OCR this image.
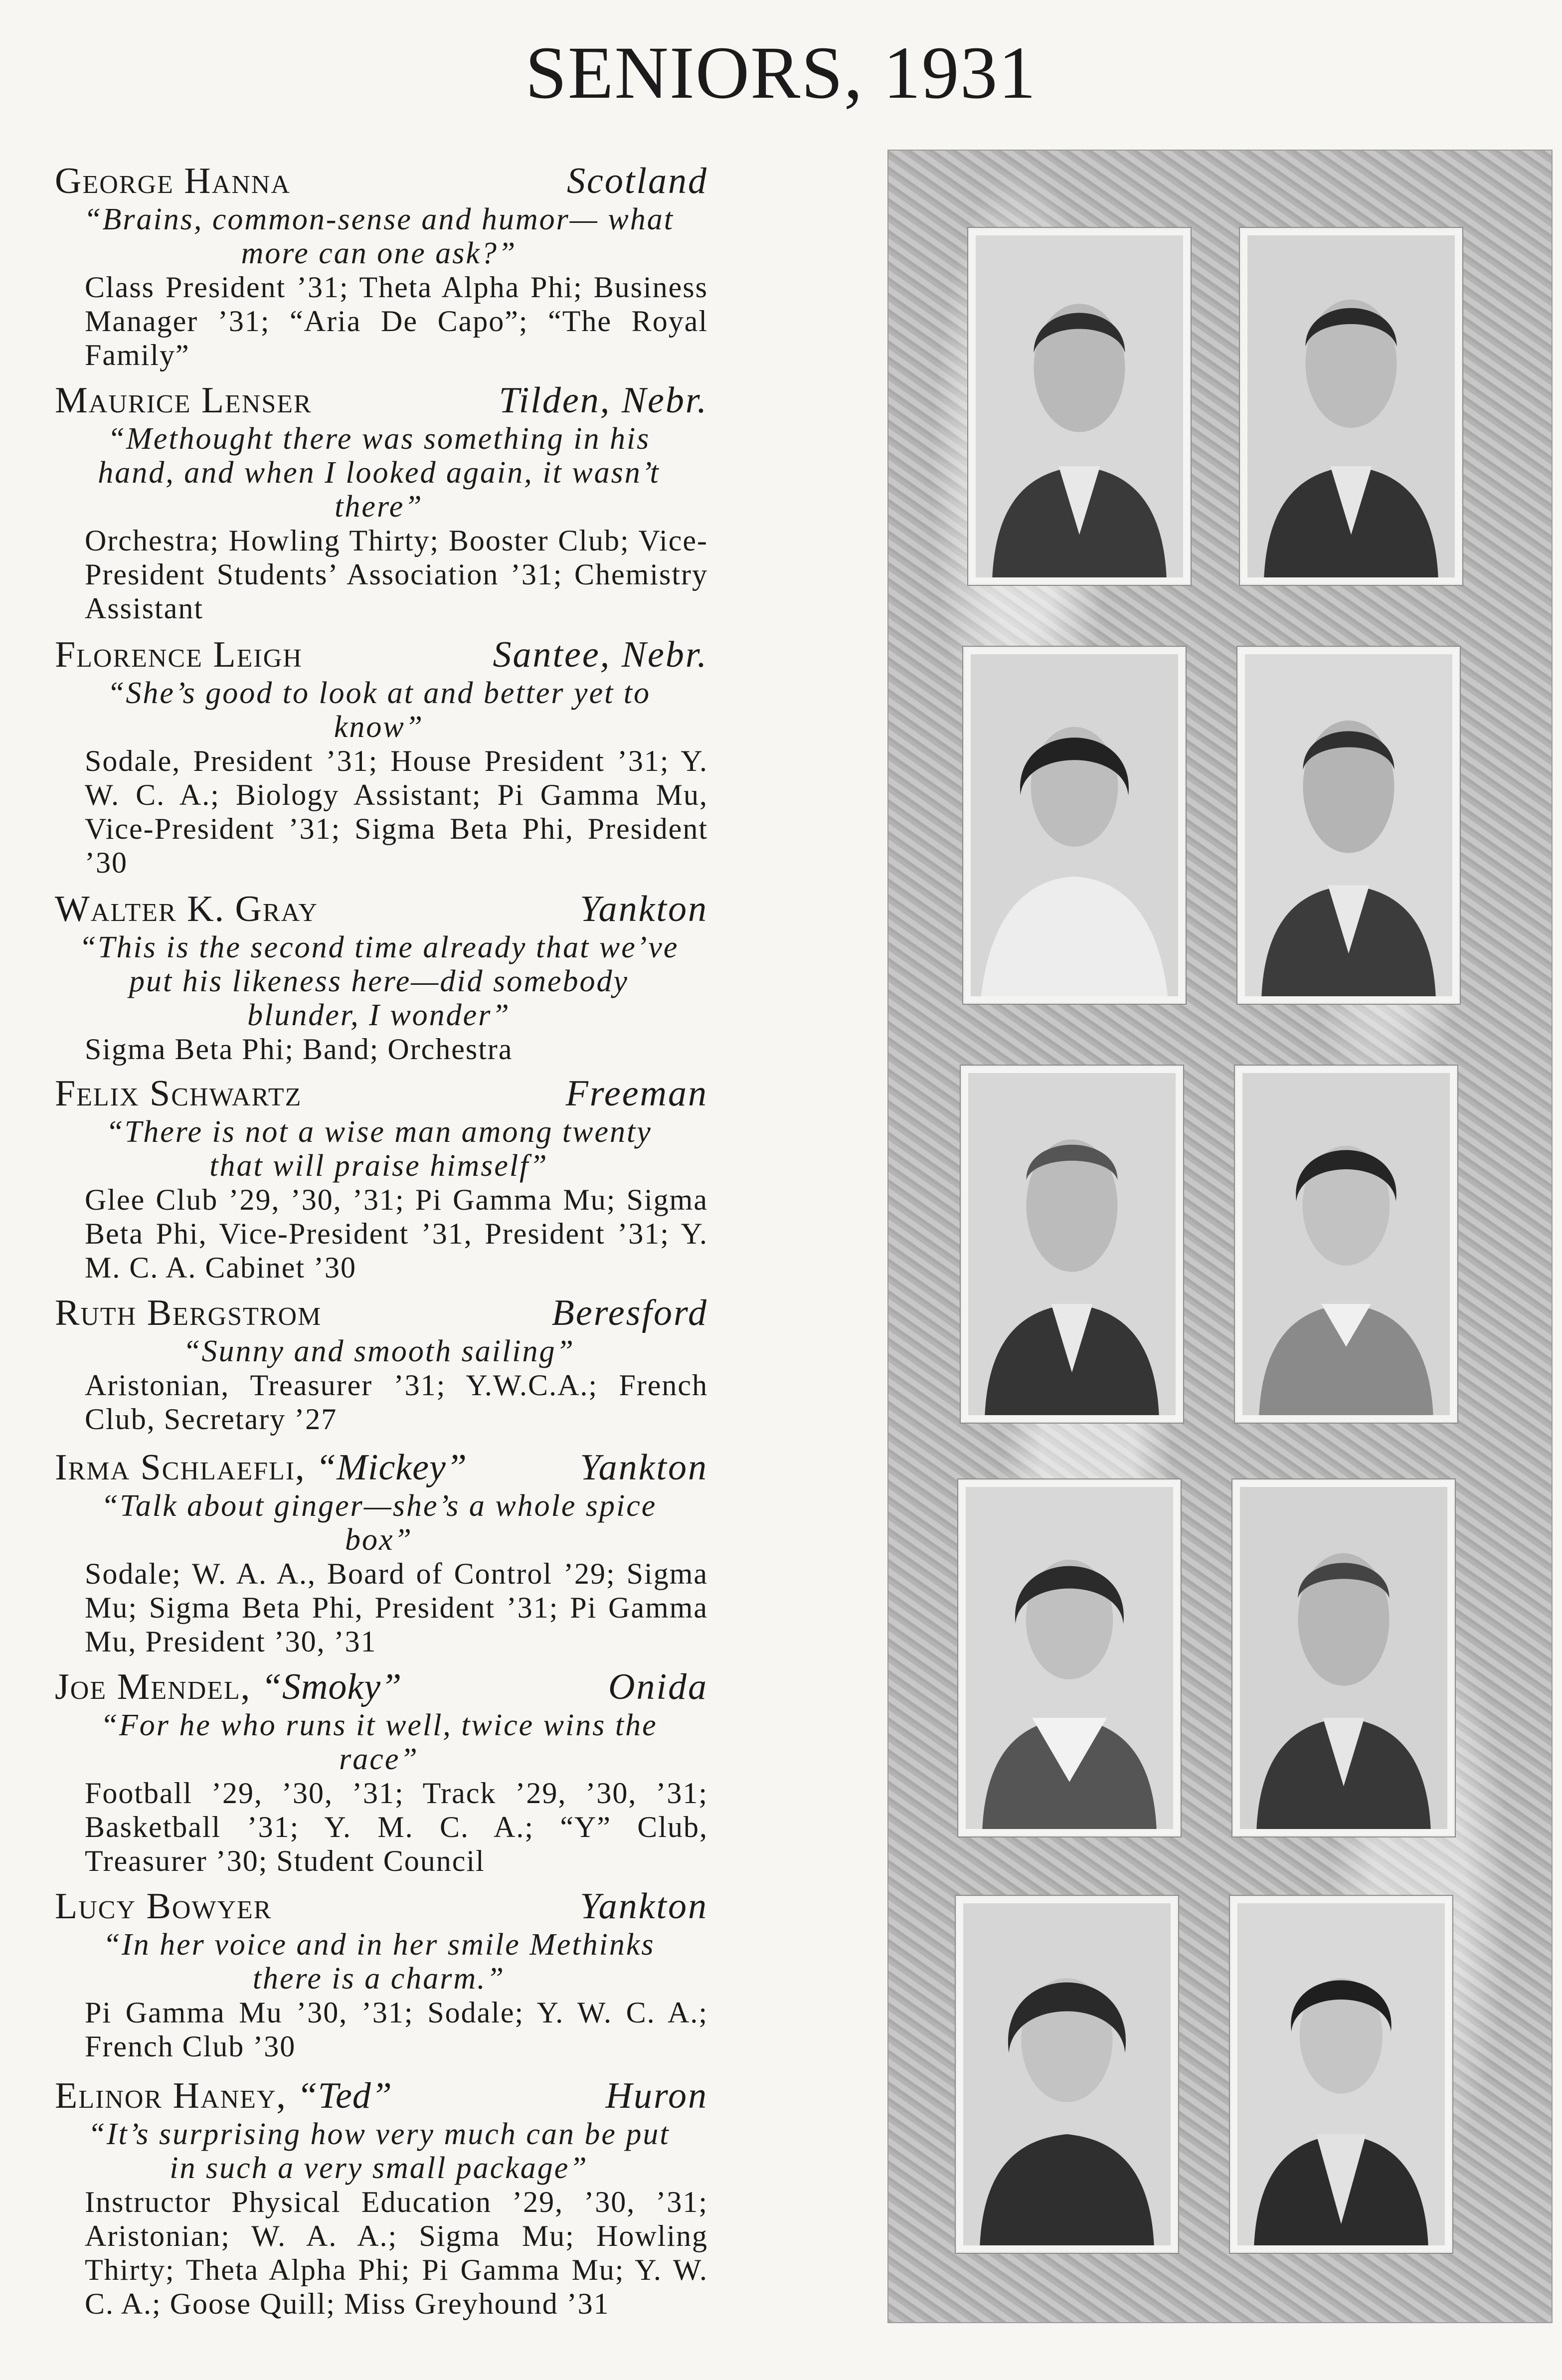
SENIORS, 1931
George Hanna	Scotland
“Brains, common-sense and humor— what more can one ask?”
Class President ’31; Theta Alpha Phi; Business Manager ’31; “Aria De Capo”; “The Royal Family”
Maurice Lenser	Tilden, Nebr.
“Methought there was something in his hand, and when I looked again, it wasn’t there”
Orchestra; Howling Thirty; Booster Club; Vice-President Students’ Association ’31; Chemistry Assistant
Florence Leigh	Santee, Nebr.
“She’s good to look at and better yet to know”
Sodale, President ’31; House President ’31; Y. W. C. A.; Biology Assistant; Pi Gamma Mu, Vice-President ’31; Sigma Beta Phi, President ’30
Walter K. Gray	Yankton
“This is the second time already that we’ve put his likeness here—did somebody blunder, I wonder”
Sigma Beta Phi; Band; Orchestra
Felix Schwartz	Freeman
“There is not a wise man among twenty that will praise himself”
Glee Club ’29, ’30, ’31; Pi Gamma Mu; Sigma Beta Phi, Vice-President ’31, President ’31; Y. M. C. A. Cabinet ’30
Ruth Bergstrom	Beresford
“Sunny and smooth sailing”
Aristonian, Treasurer ’31; Y.W.C.A.; French Club, Secretary ’27
Irma Schlaefli, “Mickey”	Yankton
“Talk about ginger—she’s a whole spice box”
Sodale; W. A. A., Board of Control ’29; Sigma Mu; Sigma Beta Phi, President ’31; Pi Gamma Mu, President ’30, ’31
Joe Mendel, “Smoky”	Onida
“For he who runs it well, twice wins the race”
Football ’29, ’30, ’31; Track ’29, ’30, ’31; Basketball ’31; Y. M. C. A.; “Y” Club, Treasurer ’30; Student Council
Lucy Bowyer	Yankton
“In her voice and in her smile Methinks there is a charm.”
Pi Gamma Mu ’30, ’31; Sodale; Y. W. C. A.; French Club ’30
Elinor Haney, “Ted”	Huron
“It’s surprising how very much can be put in such a very small package”
Instructor Physical Education ’29, ’30, ’31; Aristonian; W. A. A.; Sigma Mu; Howling Thirty; Theta Alpha Phi; Pi Gamma Mu; Y. W. C. A.; Goose Quill; Miss Greyhound ’31
